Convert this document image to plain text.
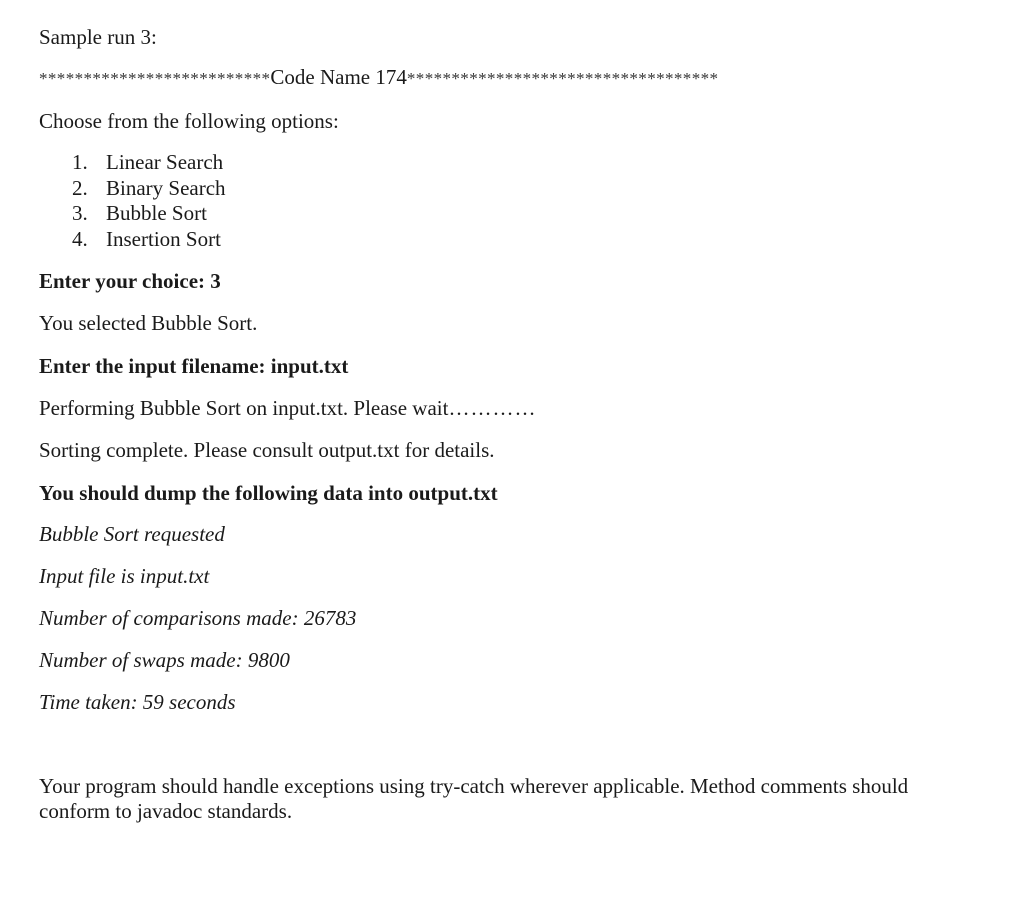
Sample run 3:
**************************Code Name 174***********************************
Choose from the following options:
1. Linear Search
2. Binary Search
3. Bubble Sort
4. Insertion Sort
Enter your choice: 3
You selected Bubble Sort.
Enter the input filename: input.txt
Performing Bubble Sort on input.txt. Please wait…………
Sorting complete. Please consult output.txt for details.
You should dump the following data into output.txt
Bubble Sort requested
Input file is input.txt
Number of comparisons made: 26783
Number of swaps made: 9800
Time taken: 59 seconds
Your program should handle exceptions using try-catch wherever applicable. Method comments should conform to javadoc standards.
